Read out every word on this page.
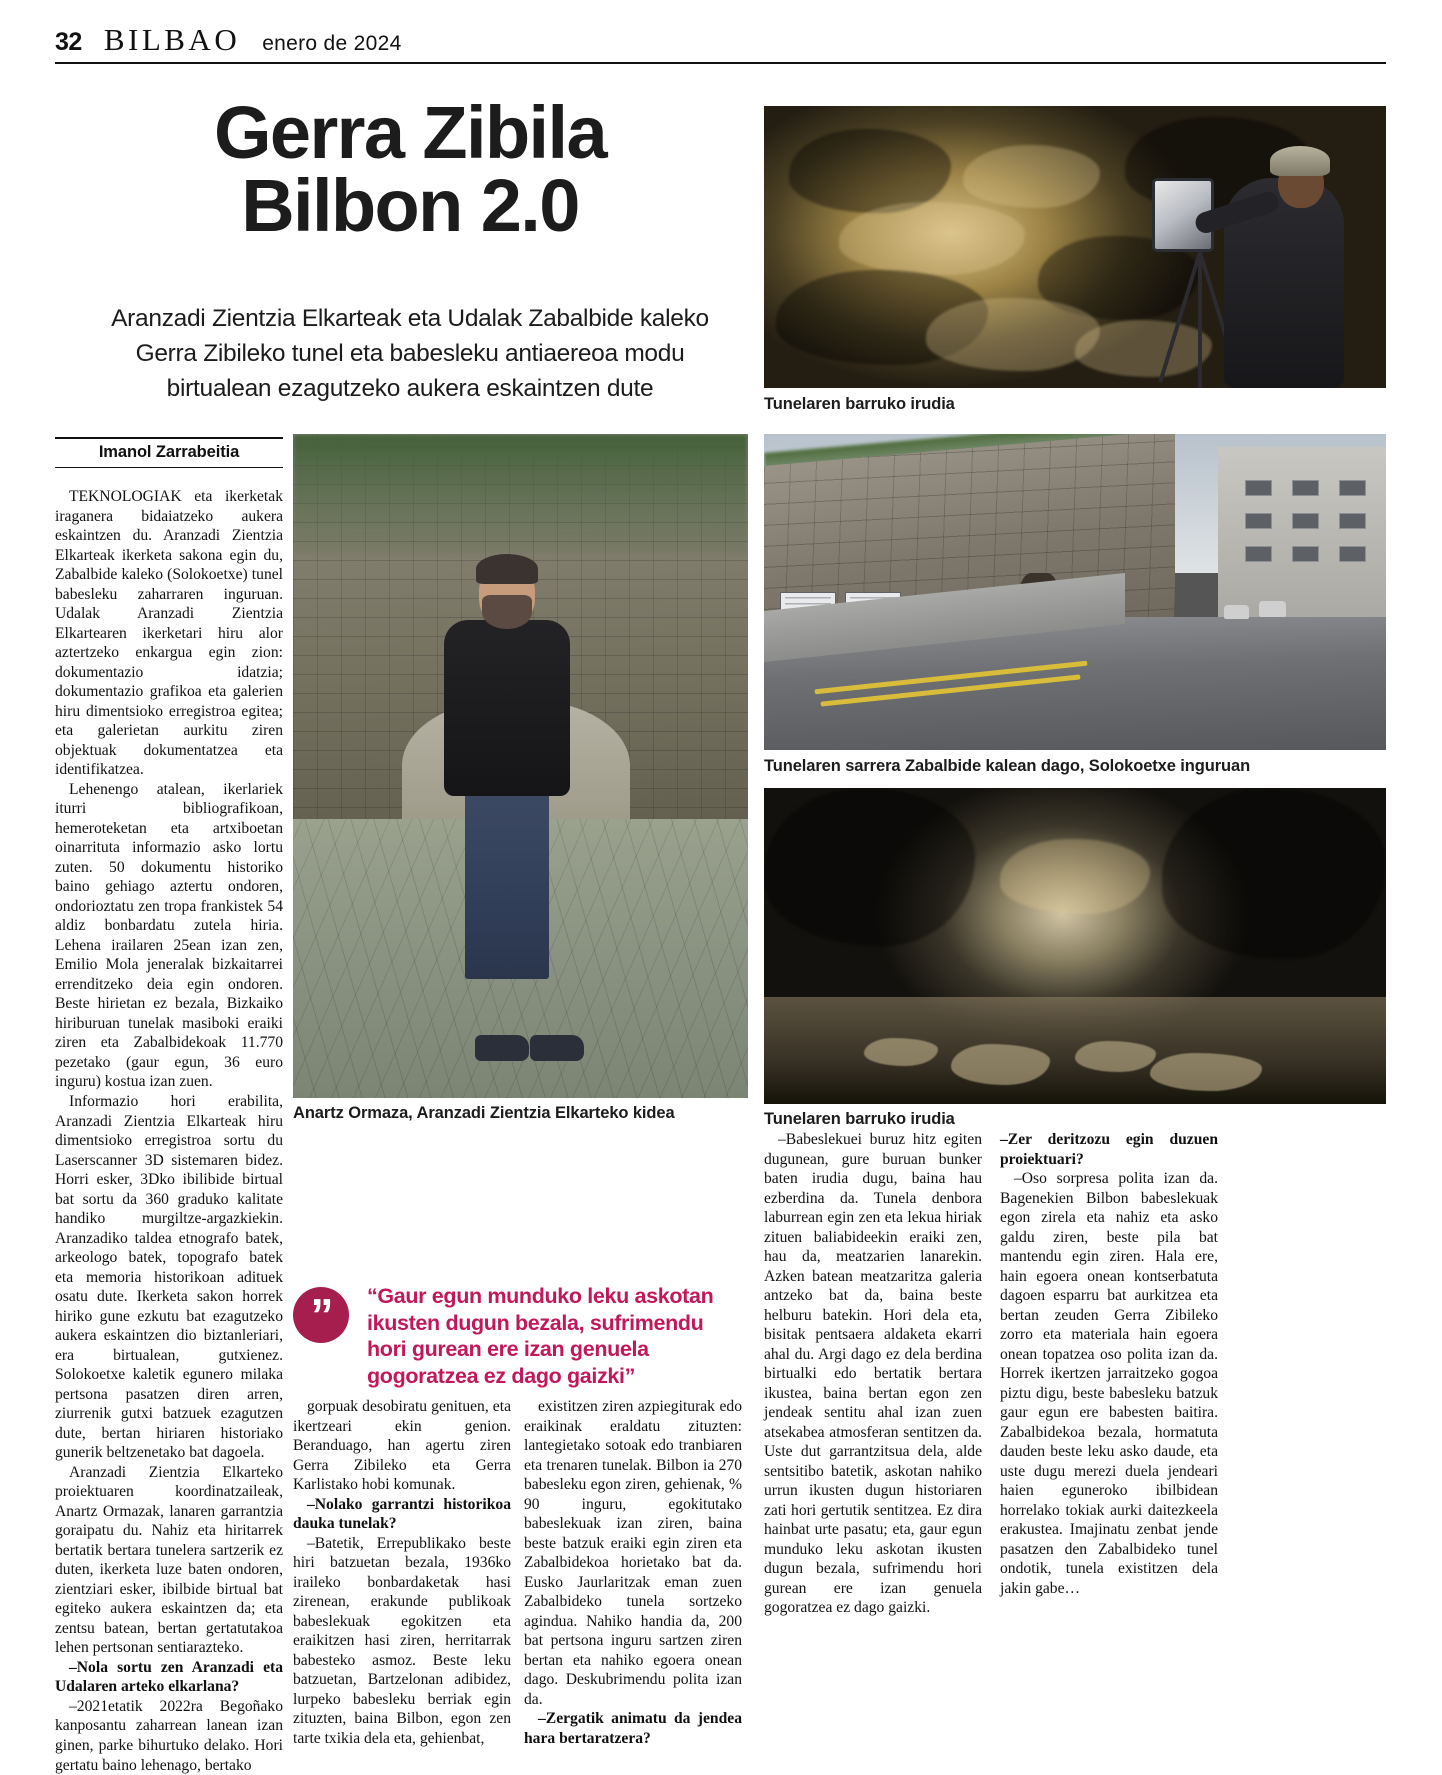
32 BILBAO enero de 2024
Gerra Zibila
Bilbon 2.0
Aranzadi Zientzia Elkarteak eta Udalak Zabalbide kaleko Gerra Zibileko tunel eta babesleku antiaereoa modu birtualean ezagutzeko aukera eskaintzen dute
Tunelaren barruko irudia
Tunelaren sarrera Zabalbide kalean dago, Solokoetxe inguruan
Tunelaren barruko irudia
Anartz Ormaza, Aranzadi Zientzia Elkarteko kidea
Imanol Zarrabeitia

TEKNOLOGIAK eta ikerketak iraganera bidaiatzeko aukera eskaintzen du. Aranzadi Zientzia Elkarteak ikerketa sakona egin du, Zabalbide kaleko (Solokoetxe) tunel babesleku zaharraren inguruan. Udalak Aranzadi Zientzia Elkartearen ikerketari hiru alor aztertzeko enkargua egin zion: dokumentazio idatzia; dokumentazio grafikoa eta galerien hiru dimentsioko erregistroa egitea; eta galerietan aurkitu ziren objektuak dokumentatzea eta identifikatzea.

Lehenengo atalean, ikerlariek iturri bibliografikoan, hemeroteketan eta artxiboetan oinarrituta informazio asko lortu zuten. 50 dokumentu historiko baino gehiago aztertu ondoren, ondorioztatu zen tropa frankistek 54 aldiz bonbardatu zutela hiria. Lehena irailaren 25ean izan zen, Emilio Mola jeneralak bizkaitarrei errenditzeko deia egin ondoren. Beste hirietan ez bezala, Bizkaiko hiriburuan tunelak masiboki eraiki ziren eta Zabalbidekoak 11.770 pezetako (gaur egun, 36 euro inguru) kostua izan zuen.

Informazio hori erabilita, Aranzadi Zientzia Elkarteak hiru dimentsioko erregistroa sortu du Laserscanner 3D sistemaren bidez. Horri esker, 3Dko ibilibide birtual bat sortu da 360 graduko kalitate handiko murgiltze-argazkiekin. Aranzadiko taldea etnografo batek, arkeologo batek, topografo batek eta memoria historikoan adituek osatu dute. Ikerketa sakon horrek hiriko gune ezkutu bat ezagutzeko aukera eskaintzen dio biztanleriari, era birtualean, gutxienez. Solokoetxe kaletik egunero milaka pertsona pasatzen diren arren, ziurrenik gutxi batzuek ezagutzen dute, bertan hiriaren historiako gunerik beltzenetako bat dagoela.

Aranzadi Zientzia Elkarteko proiektuaren koordinatzaileak, Anartz Ormazak, lanaren garrantzia goraipatu du. Nahiz eta hiritarrek bertatik bertara tunelera sartzerik ez duten, ikerketa luze baten ondoren, zientziari esker, ibilbide birtual bat egiteko aukera eskaintzen da; eta zentsu batean, bertan gertatutakoa lehen pertsonan sentiarazteko.

–Nola sortu zen Aranzadi eta Udalaren arteko elkarlana?

–2021etatik 2022ra Begoñako kanposantu zaharrean lanean izan ginen, parke bihurtuko delako. Hori gertatu baino lehenago, bertako

” “Gaur egun munduko leku askotan ikusten dugun bezala, sufrimendu hori gurean ere izan genuela gogoratzea ez dago gaizki”

gorpuak desobiratu genituen, eta ikertzeari ekin genion. Beranduago, han agertu ziren Gerra Zibileko eta Gerra Karlistako hobi komunak.

–Nolako garrantzi historikoa dauka tunelak?

–Batetik, Errepublikako beste hiri batzuetan bezala, 1936ko iraileko bonbardaketak hasi zirenean, erakunde publikoak babeslekuak egokitzen eta eraikitzen hasi ziren, herritarrak babesteko asmoz. Beste leku batzuetan, Bartzelonan adibidez, lurpeko babesleku berriak egin zituzten, baina Bilbon, egon zen tarte txikia dela eta, gehienbat,

existitzen ziren azpiegiturak edo eraikinak eraldatu zituzten: lantegietako sotoak edo tranbiaren eta trenaren tunelak. Bilbon ia 270 babesleku egon ziren, gehienak, % 90 inguru, egokitutako babeslekuak izan ziren, baina beste batzuk eraiki egin ziren eta Zabalbidekoa horietako bat da. Eusko Jaurlaritzak eman zuen Zabalbideko tunela sortzeko agindua. Nahiko handia da, 200 bat pertsona inguru sartzen ziren bertan eta nahiko egoera onean dago. Deskubrimendu polita izan da.

–Zergatik animatu da jendea hara bertaratzera?

–Babeslekuei buruz hitz egiten dugunean, gure buruan bunker baten irudia dugu, baina hau ezberdina da. Tunela denbora laburrean egin zen eta lekua hiriak zituen baliabideekin eraiki zen, hau da, meatzarien lanarekin. Azken batean meatzaritza galeria antzeko bat da, baina beste helburu batekin. Hori dela eta, bisitak pentsaera aldaketa ekarri ahal du. Argi dago ez dela berdina birtualki edo bertatik bertara ikustea, baina bertan egon zen jendeak sentitu ahal izan zuen atsekabea atmosferan sentitzen da. Uste dut garrantzitsua dela, alde sentsitibo batetik, askotan nahiko urrun ikusten dugun historiaren zati hori gertutik sentitzea. Ez dira hainbat urte pasatu; eta, gaur egun munduko leku askotan ikusten dugun bezala, sufrimendu hori gurean ere izan genuela gogoratzea ez dago gaizki.

–Zer deritzozu egin duzuen proiektuari?

–Oso sorpresa polita izan da. Bagenekien Bilbon babeslekuak egon zirela eta nahiz eta asko galdu ziren, beste pila bat mantendu egin ziren. Hala ere, hain egoera onean kontserbatuta dagoen esparru bat aurkitzea eta bertan zeuden Gerra Zibileko zorro eta materiala hain egoera onean topatzea oso polita izan da. Horrek ikertzen jarraitzeko gogoa piztu digu, beste babesleku batzuk gaur egun ere babesten baitira. Zabalbidekoa bezala, hormatuta dauden beste leku asko daude, eta uste dugu merezi duela jendeari haien eguneroko ibilbidean horrelako tokiak aurki daitezkeela erakustea. Imajinatu zenbat jende pasatzen den Zabalbideko tunel ondotik, tunela existitzen dela jakin gabe…
